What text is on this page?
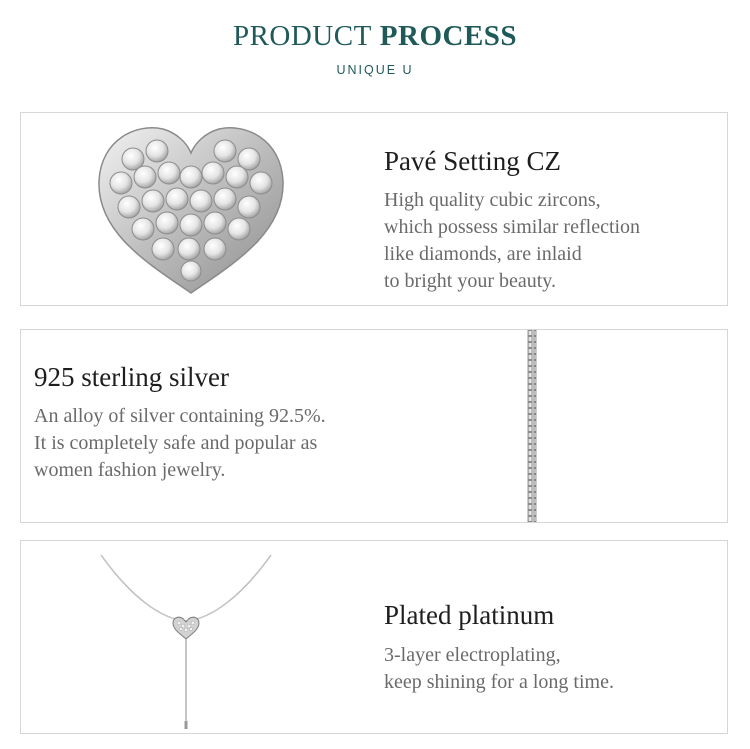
PRODUCT PROCESS
UNIQUE U
Pavé Setting CZ
High quality cubic zircons,
which possess similar reflection
like diamonds, are inlaid
to bright your beauty.
925 sterling silver
An alloy of silver containing 92.5%.
It is completely safe and popular as
women fashion jewelry.
Plated platinum
3-layer electroplating,
keep shining for a long time.
